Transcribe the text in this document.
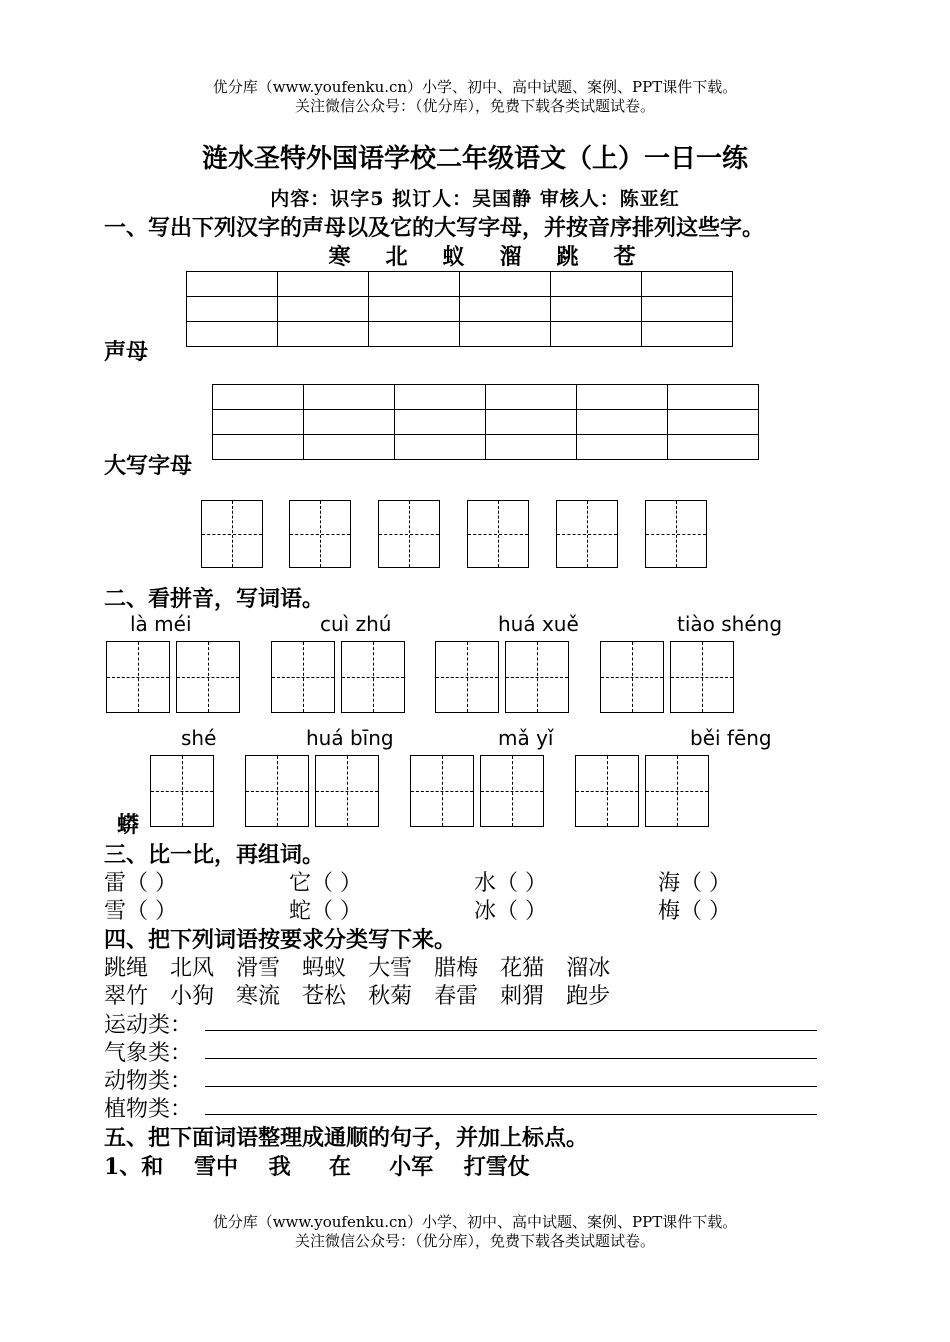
优分库（www.youfenku.cn）小学、初中、高中试题、案例、PPT课件下载。
关注微信公众号：（优分库），免费下载各类试题试卷。
涟水圣特外国语学校二年级语文（上）一日一练
内容：识字5 拟订人：吴国静 审核人：陈亚红
一、写出下列汉字的声母以及它的大写字母，并按音序排列这些字。
寒 北 蚁 溜 跳 苍

声母

大写字母
二、看拼音，写词语。
là méi	cuì zhú	huá xuě	tiào shéng
shé	huá bīng	mǎ yǐ	běi fēng
蟒
三、比一比，再组词。
雷（ ）	它（ ）	水（ ）	海（ ）
雪（ ）	蛇（ ）	冰（ ）	梅（ ）
四、把下列词语按要求分类写下来。
跳绳 北风 滑雪 蚂蚁 大雪 腊梅 花猫 溜冰
翠竹 小狗 寒流 苍松 秋菊 春雷 刺猬 跑步
运动类：
气象类：
动物类：
植物类：
五、把下面词语整理成通顺的句子，并加上标点。
1、和    雪中    我     在     小军    打雪仗
优分库（www.youfenku.cn）小学、初中、高中试题、案例、PPT课件下载。
关注微信公众号：（优分库），免费下载各类试题试卷。
